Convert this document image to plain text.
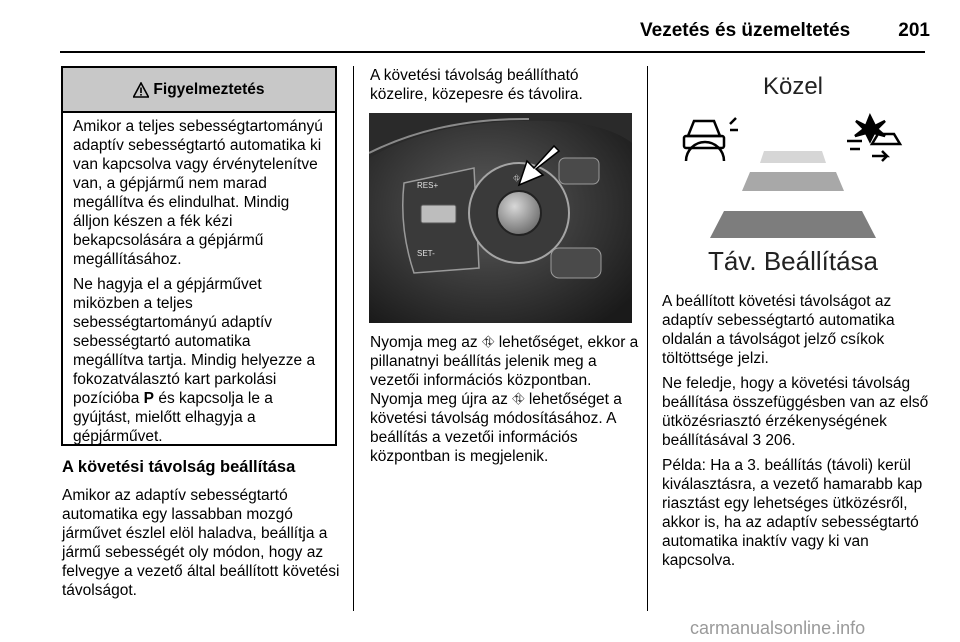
Vezetés és üzemeltetés	201
Figyelmeztetés

Amikor a teljes sebességtartományú adaptív sebességtartó automatika ki van kapcsolva vagy érvénytelenítve van, a gépjármű nem marad megállítva és elindulhat. Mindig álljon készen a fék kézi bekapcsolására a gépjármű megállításához.

Ne hagyja el a gépjárművet miközben a teljes sebességtartományú adaptív sebességtartó automatika megállítva tartja. Mindig helyezze a fokozatválasztó kart parkolási pozícióba P és kapcsolja le a gyújtást, mielőtt elhagyja a gépjárművet.

A követési távolság beállítása

Amikor az adaptív sebességtartó automatika egy lassabban mozgó járművet észlel elöl haladva, beállítja a jármű sebességét oly módon, hogy az felvegye a vezető által beállított követési távolságot.

A követési távolság beállítható közelire, közepesre és távolira.

RES+
SET-
⛗

Nyomja meg az ⛗ lehetőséget, ekkor a pillanatnyi beállítás jelenik meg a vezetői információs központban.

Nyomja meg újra az ⛗ lehetőséget a követési távolság módosításához. A beállítás a vezetői információs központban is megjelenik.

Közel
Táv. Beállítása

A beállított követési távolságot az adaptív sebességtartó automatika oldalán a távolságot jelző csíkok töltöttsége jelzi.

Ne feledje, hogy a követési távolság beállítása összefüggésben van az első ütközésriasztó érzékenységének beállításával 3 206.

Példa: Ha a 3. beállítás (távoli) kerül kiválasztásra, a vezető hamarabb kap riasztást egy lehetséges ütközésről, akkor is, ha az adaptív sebességtartó automatika inaktív vagy ki van kapcsolva.

carmanualsonline.info
